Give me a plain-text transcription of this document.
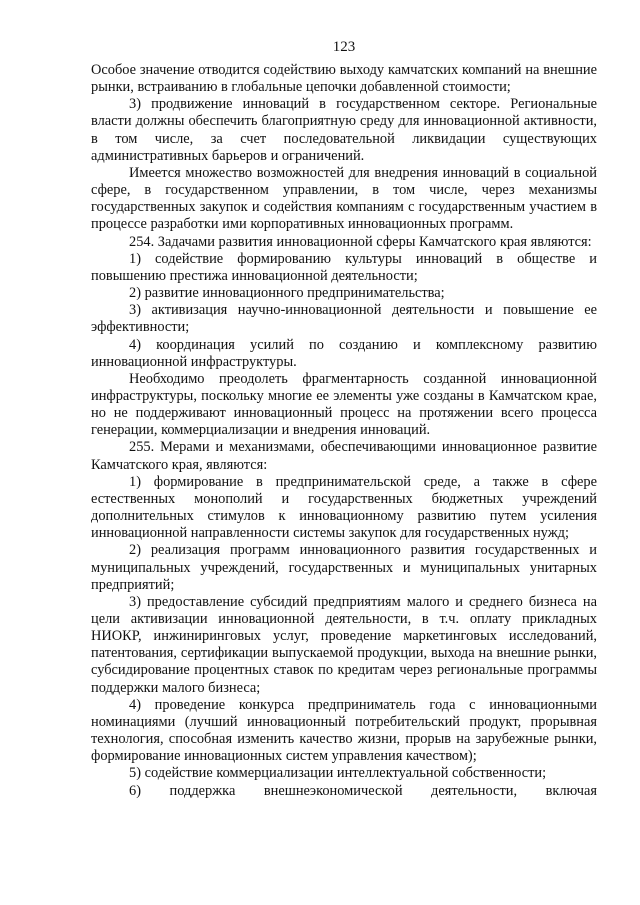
123

Особое значение отводится содействию выходу камчатских компаний на внешние рынки, встраиванию в глобальные цепочки добавленной стоимости;

3) продвижение инноваций в государственном секторе. Региональные власти должны обеспечить благоприятную среду для инновационной активности, в том числе, за счет последовательной ликвидации существующих административных барьеров и ограничений.

Имеется множество возможностей для внедрения инноваций в социальной сфере, в государственном управлении, в том числе, через механизмы государственных закупок и содействия компаниям с государственным участием в процессе разработки ими корпоративных инновационных программ.

254. Задачами развития инновационной сферы Камчатского края являются:

1) содействие формированию культуры инноваций в обществе и повышению престижа инновационной деятельности;

2) развитие инновационного предпринимательства;

3) активизация научно-инновационной деятельности и повышение ее эффективности;

4) координация усилий по созданию и комплексному развитию инновационной инфраструктуры.

Необходимо преодолеть фрагментарность созданной инновационной инфраструктуры, поскольку многие ее элементы уже созданы в Камчатском крае, но не поддерживают инновационный процесс на протяжении всего процесса генерации, коммерциализации и внедрения инноваций.

255. Мерами и механизмами, обеспечивающими инновационное развитие Камчатского края, являются:

1) формирование в предпринимательской среде, а также в сфере естественных монополий и государственных бюджетных учреждений дополнительных стимулов к инновационному развитию путем усиления инновационной направленности системы закупок для государственных нужд;

2) реализация программ инновационного развития государственных и муниципальных учреждений, государственных и муниципальных унитарных предприятий;

3) предоставление субсидий предприятиям малого и среднего бизнеса на цели активизации инновационной деятельности, в т.ч. оплату прикладных НИОКР, инжиниринговых услуг, проведение маркетинговых исследований, патентования, сертификации выпускаемой продукции, выхода на внешние рынки, субсидирование процентных ставок по кредитам через региональные программы поддержки малого бизнеса;

4) проведение конкурса предприниматель года с инновационными номинациями (лучший инновационный потребительский продукт, прорывная технология, способная изменить качество жизни, прорыв на зарубежные рынки, формирование инновационных систем управления качеством);

5) содействие коммерциализации интеллектуальной собственности;

6) поддержка внешнеэкономической деятельности, включая
